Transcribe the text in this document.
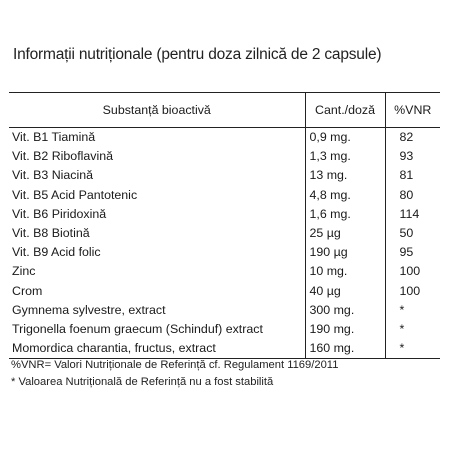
Informații nutriționale (pentru doza zilnică de 2 capsule)
Substanță bioactivă	Cant./doză	%VNR
Vit. B1 Tiamină	0,9 mg.	82
Vit. B2 Riboflavină	1,3 mg.	93
Vit. B3 Niacină	13 mg.	81
Vit. B5 Acid Pantotenic	4,8 mg.	80
Vit. B6 Piridoxină	1,6 mg.	114
Vit. B8 Biotină	25 µg	50
Vit. B9 Acid folic	190 µg	95
Zinc	10 mg.	100
Crom	40 µg	100
Gymnema sylvestre, extract	300 mg.	*
Trigonella foenum graecum (Schinduf) extract	190 mg.	*
Momordica charantia, fructus, extract	160 mg.	*
%VNR= Valori Nutriționale de Referință cf. Regulament 1169/2011
* Valoarea Nutrițională de Referință nu a fost stabilită
